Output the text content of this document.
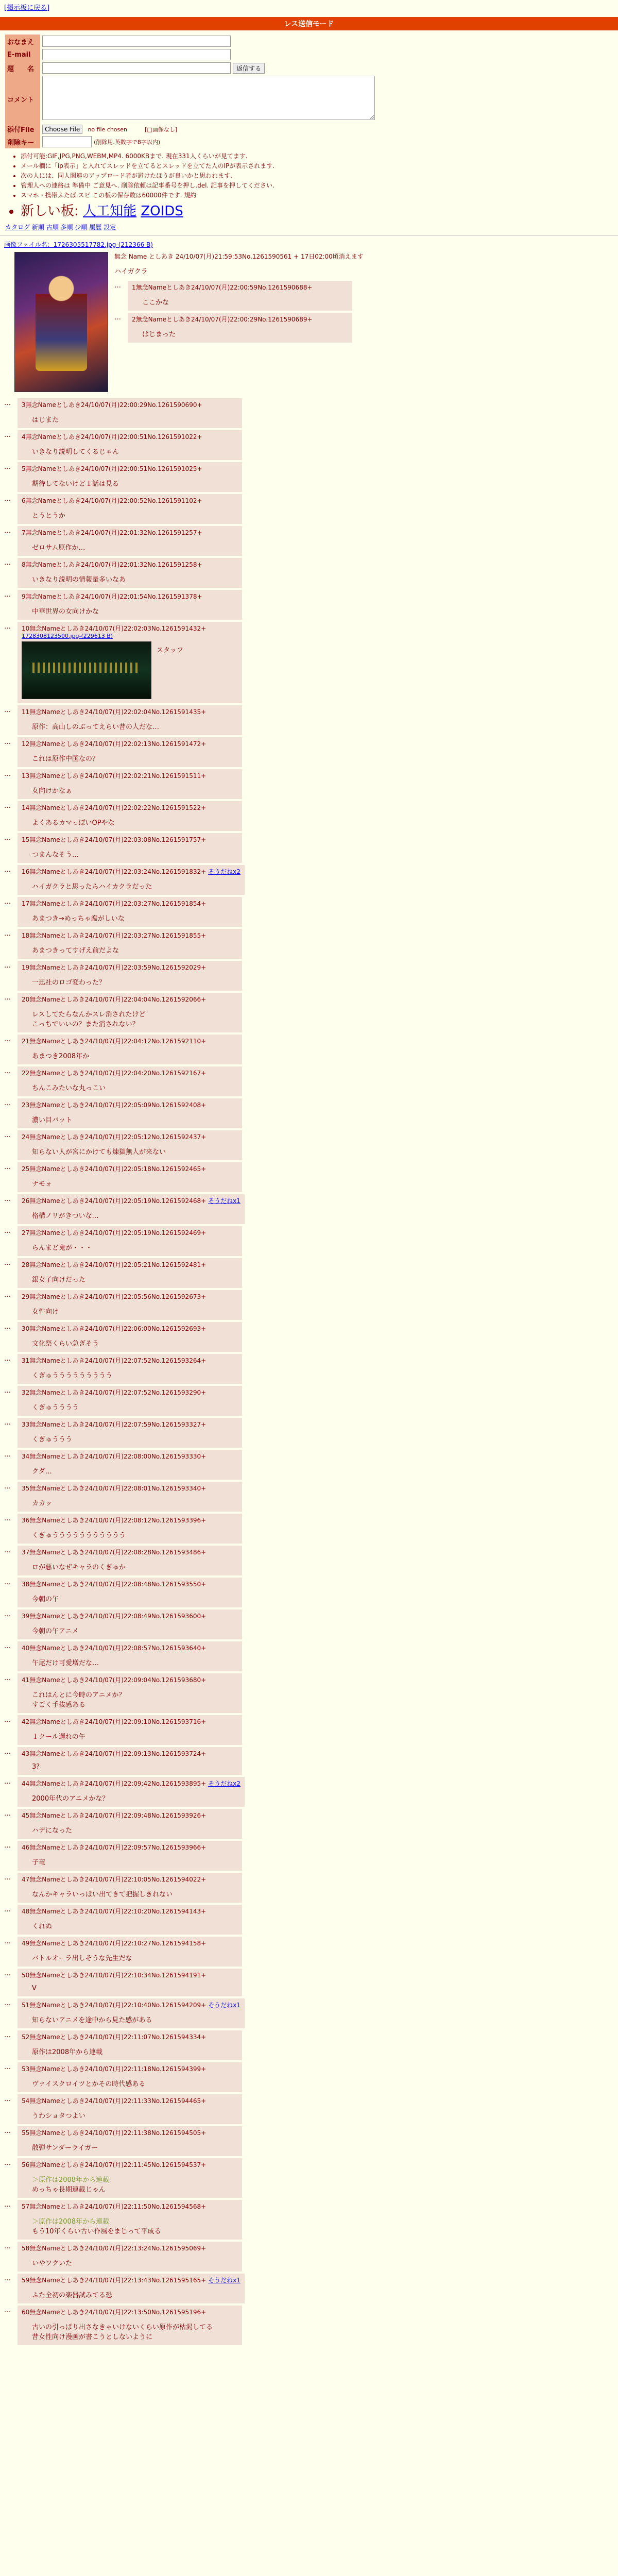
[掲示板に戻る]
レス送信モード
おなまえ	
E-mail	
題　　名	返信する
コメント	
添付File	Choose File no file chosen [□画像なし]
削除キー	(削除用.英数字で8字以内)
• 添付可能:GIF,JPG,PNG,WEBM,MP4. 6000KBまで. 現在331人くらいが見てます.
• メール欄に「ip表示」と入れてスレッドを立てるとスレッドを立てた人のIPが表示されます.
• 次の人には、同人関連のアップロード者が避けたほうが良いかと思われます.
• 管理人への連絡は 準備中 ご意見へ. 削除依頼は記事番号を押し.del. 記事を押してください.
• スマホ・携帯ふたば.スピ この板の保存数は60000件です. 規約
• 新しい板: 人工知能 ZOIDS
カタログ 新順 古順 多順 少順 履歴 設定
画像ファイル名：1726305517782.jpg-(212366 B)
無念 Name としあき 24/10/07(月)21:59:53No.1261590561 + 17日02:00頃消えます
ハイガクラ
…	1無念Nameとしあき24/10/07(月)22:00:59No.1261590688+
ここかな
…	2無念Nameとしあき24/10/07(月)22:00:29No.1261590689+
はじまった
…	3無念Nameとしあき24/10/07(月)22:00:29No.1261590690+
はじまた
…	4無念Nameとしあき24/10/07(月)22:00:51No.1261591022+
いきなり説明してくるじゃん
…	5無念Nameとしあき24/10/07(月)22:00:51No.1261591025+
期待してないけど１話は見る
…	6無念Nameとしあき24/10/07(月)22:00:52No.1261591102+
とうとうか
…	7無念Nameとしあき24/10/07(月)22:01:32No.1261591257+
ゼロサム原作か…
…	8無念Nameとしあき24/10/07(月)22:01:32No.1261591258+
いきなり説明の情報量多いなあ
…	9無念Nameとしあき24/10/07(月)22:01:54No.1261591378+
中華世界の女向けかな
…	10無念Nameとしあき24/10/07(月)22:02:03No.1261591432+
1728308123500.jpg-(229613 B)
スタッフ
…	11無念Nameとしあき24/10/07(月)22:02:04No.1261591435+
原作：高山しのぶってえらい昔の人だな…
…	12無念Nameとしあき24/10/07(月)22:02:13No.1261591472+
これは原作中国なの？
…	13無念Nameとしあき24/10/07(月)22:02:21No.1261591511+
女向けかなぁ
…	14無念Nameとしあき24/10/07(月)22:02:22No.1261591522+
よくあるカマっぽいOPやな
…	15無念Nameとしあき24/10/07(月)22:03:08No.1261591757+
つまんなそう…
…	16無念Nameとしあき24/10/07(月)22:03:24No.1261591832+ そうだねx2
ハイガクラと思ったらハイカクラだった
…	17無念Nameとしあき24/10/07(月)22:03:27No.1261591854+
あまつき→めっちゃ腐がしいな
…	18無念Nameとしあき24/10/07(月)22:03:27No.1261591855+
あまつきってすげえ前だよな
…	19無念Nameとしあき24/10/07(月)22:03:59No.1261592029+
一迅社のロゴ変わった？
…	20無念Nameとしあき24/10/07(月)22:04:04No.1261592066+
レスしてたらなんかスレ消されたけど
こっちでいいの？また消されない？
…	21無念Nameとしあき24/10/07(月)22:04:12No.1261592110+
あまつき2008年か
…	22無念Nameとしあき24/10/07(月)22:04:20No.1261592167+
ちんこみたいな丸っこい
…	23無念Nameとしあき24/10/07(月)22:05:09No.1261592408+
濃い目バット
…	24無念Nameとしあき24/10/07(月)22:05:12No.1261592437+
知らない人が宮にかけても煉獄無人が来ない
…	25無念Nameとしあき24/10/07(月)22:05:18No.1261592465+
ナモォ
…	26無念Nameとしあき24/10/07(月)22:05:19No.1261592468+ そうだねx1
格構ノリがきついな…
…	27無念Nameとしあき24/10/07(月)22:05:19No.1261592469+
らんまど鬼が・・・
…	28無念Nameとしあき24/10/07(月)22:05:21No.1261592481+
銀女子向けだった
…	29無念Nameとしあき24/10/07(月)22:05:56No.1261592673+
女性向け
…	30無念Nameとしあき24/10/07(月)22:06:00No.1261592693+
文化祭くらい急ぎそう
…	31無念Nameとしあき24/10/07(月)22:07:52No.1261593264+
くぎゅううううううううう
…	32無念Nameとしあき24/10/07(月)22:07:52No.1261593290+
くぎゅうううう
…	33無念Nameとしあき24/10/07(月)22:07:59No.1261593327+
くぎゅううう
…	34無念Nameとしあき24/10/07(月)22:08:00No.1261593330+
クダ…
…	35無念Nameとしあき24/10/07(月)22:08:01No.1261593340+
カカッ
…	36無念Nameとしあき24/10/07(月)22:08:12No.1261593396+
くぎゅううううううううううう
…	37無念Nameとしあき24/10/07(月)22:08:28No.1261593486+
ロが悪いなぜキャラのくぎゅか
…	38無念Nameとしあき24/10/07(月)22:08:48No.1261593550+
今朝の午
…	39無念Nameとしあき24/10/07(月)22:08:49No.1261593600+
今朝の午アニメ
…	40無念Nameとしあき24/10/07(月)22:08:57No.1261593640+
午尾だけ可愛増だな…
…	41無念Nameとしあき24/10/07(月)22:09:04No.1261593680+
これはんとに今時のアニメか？
すごく手抜感ある
…	42無念Nameとしあき24/10/07(月)22:09:10No.1261593716+
１クール遅れの午
…	43無念Nameとしあき24/10/07(月)22:09:13No.1261593724+
3?
…	44無念Nameとしあき24/10/07(月)22:09:42No.1261593895+ そうだねx2
2000年代のアニメかな？
…	45無念Nameとしあき24/10/07(月)22:09:48No.1261593926+
ハデになった
…	46無念Nameとしあき24/10/07(月)22:09:57No.1261593966+
子竜
…	47無念Nameとしあき24/10/07(月)22:10:05No.1261594022+
なんかキャラいっぱい出てきて把握しきれない
…	48無念Nameとしあき24/10/07(月)22:10:20No.1261594143+
くれぬ
…	49無念Nameとしあき24/10/07(月)22:10:27No.1261594158+
バトルオーラ出しそうな先生だな
…	50無念Nameとしあき24/10/07(月)22:10:34No.1261594191+
V
…	51無念Nameとしあき24/10/07(月)22:10:40No.1261594209+ そうだねx1
知らないアニメを途中から見た感がある
…	52無念Nameとしあき24/10/07(月)22:11:07No.1261594334+
原作は2008年から連載
…	53無念Nameとしあき24/10/07(月)22:11:18No.1261594399+
ヴァイスクロイツとかその時代感ある
…	54無念Nameとしあき24/10/07(月)22:11:33No.1261594465+
うわショタつよい
…	55無念Nameとしあき24/10/07(月)22:11:38No.1261594505+
散弾サンダーライガー
…	56無念Nameとしあき24/10/07(月)22:11:45No.1261594537+
＞原作は2008年から連載
めっちゃ長期連載じゃん
…	57無念Nameとしあき24/10/07(月)22:11:50No.1261594568+
＞原作は2008年から連載
もう10年くらい古い作風をまじって平成る
…	58無念Nameとしあき24/10/07(月)22:13:24No.1261595069+
いやワクいた
…	59無念Nameとしあき24/10/07(月)22:13:43No.1261595165+ そうだねx1
ふた全初の楽器試みてる恐
…	60無念Nameとしあき24/10/07(月)22:13:50No.1261595196+
古いの引っぱり出さなきゃいけないくらい原作が枯渇してる
昔女性向け漫画が書こうとしないように
